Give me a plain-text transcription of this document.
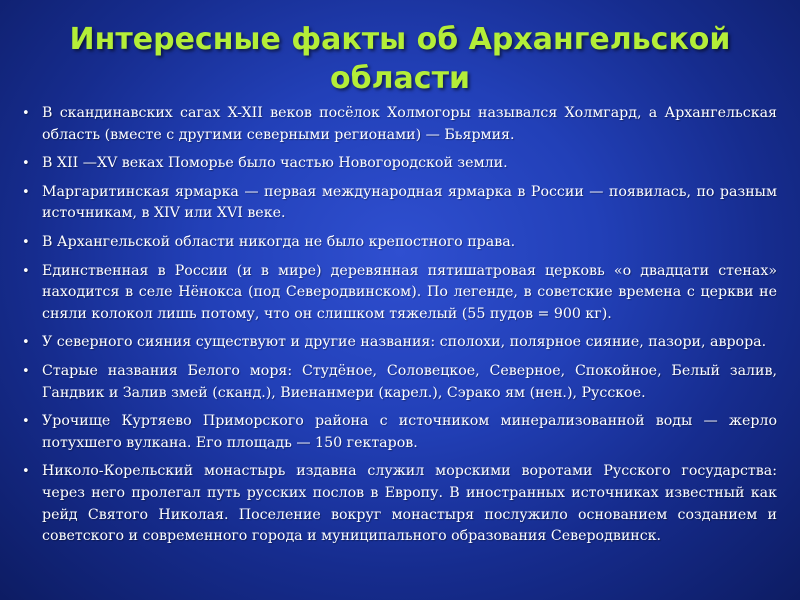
Интересные факты об Архангельской
области
• В скандинавских сагах X-XII веков посёлок Холмогоры назывался Холмгард, а Архангельская область (вместе с другими северными регионами) — Бьярмия.
• В XII —XV веках Поморье было частью Новогородской земли.
• Маргаритинская ярмарка — первая международная ярмарка в России — появилась, по разным источникам, в XIV или XVI веке.
• В Архангельской области никогда не было крепостного права.
• Единственная в России (и в мире) деревянная пятишатровая церковь «о двадцати стенах» находится в селе Нёнокса (под Северодвинском). По легенде, в советские времена с церкви не сняли колокол лишь потому, что он слишком тяжелый (55 пудов = 900 кг).
• У северного сияния существуют и другие названия: сполохи, полярное сияние, пазори, аврора.
• Старые названия Белого моря: Студёное, Соловецкое, Северное, Спокойное, Белый залив, Гандвик и Залив змей (сканд.), Виенанмери (карел.), Сэрако ям (нен.), Русское.
• Урочище Куртяево Приморского района с источником минерализованной воды — жерло потухшего вулкана. Его площадь — 150 гектаров.
• Николо-Корельский монастырь издавна служил морскими воротами Русского государства: через него пролегал путь русских послов в Европу. В иностранных источниках известный как рейд Святого Николая. Поселение вокруг монастыря послужило основанием созданием и советского и современного города и муниципального образования Северодвинск.
